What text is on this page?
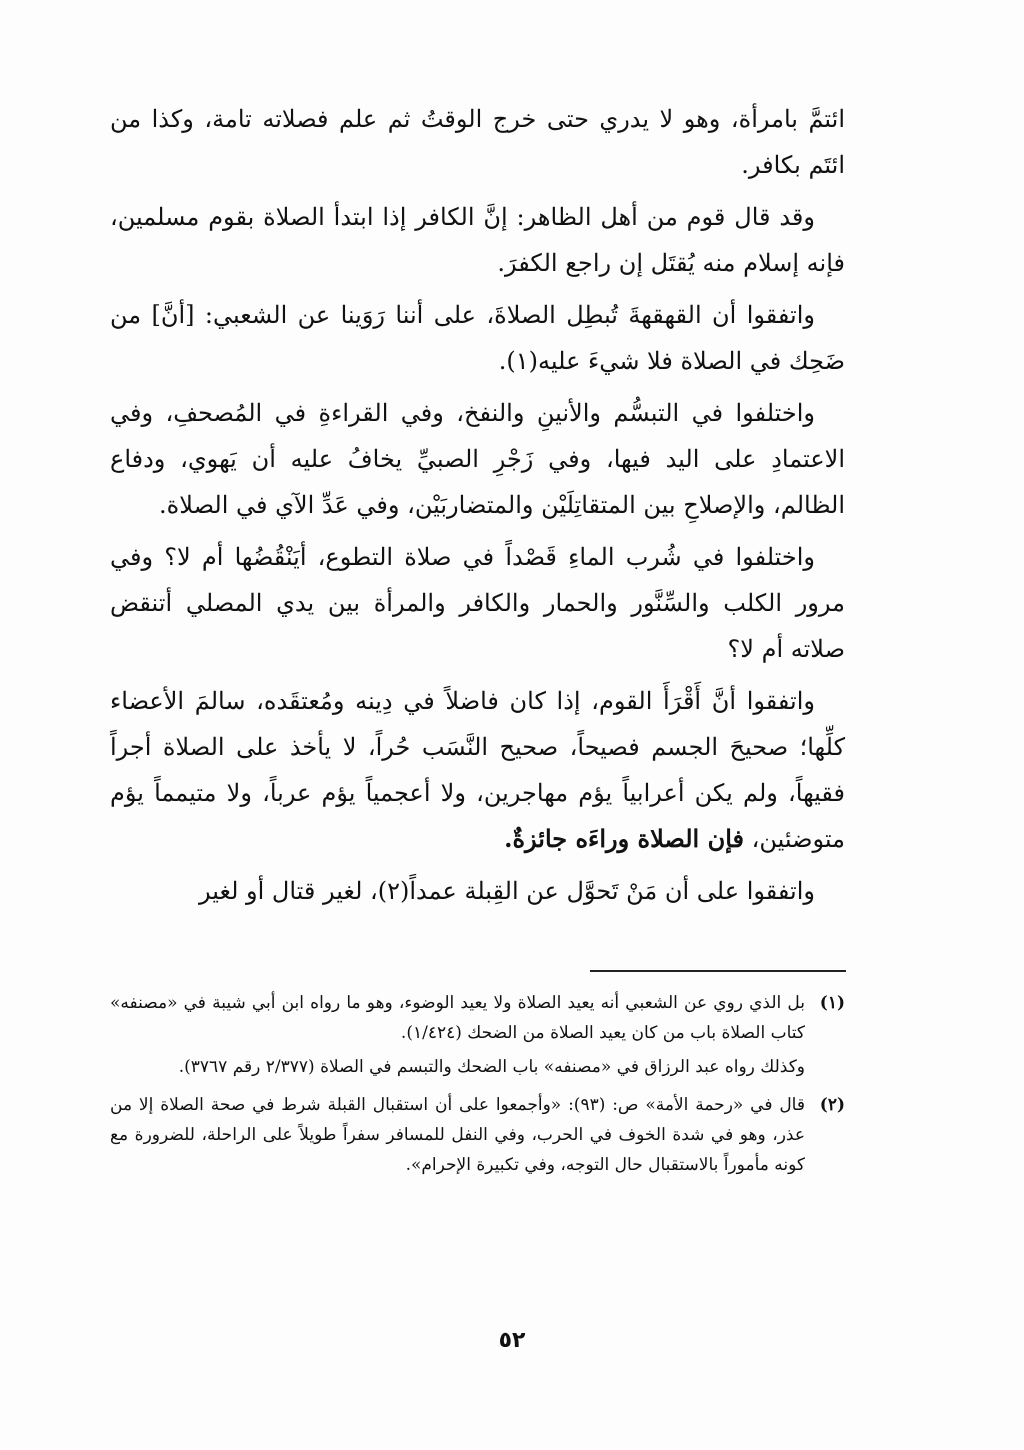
ائتمَّ بامرأة، وهو لا يدري حتى خرج الوقتُ ثم علم فصلاته تامة، وكذا من ائتَم بكافر.

وقد قال قوم من أهل الظاهر: إنَّ الكافر إذا ابتدأ الصلاة بقوم مسلمين، فإنه إسلام منه يُقتَل إن راجع الكفرَ.

واتفقوا أن القهقهةَ تُبطِل الصلاةَ، على أننا رَوَينا عن الشعبي: [أنَّ] من ضَحِك في الصلاة فلا شيءَ عليه(١).

واختلفوا في التبسُّم والأنينِ والنفخ، وفي القراءةِ في المُصحفِ، وفي الاعتمادِ على اليد فيها، وفي زَجْرِ الصبيِّ يخافُ عليه أن يَهوي، ودفاع الظالم، والإصلاحِ بين المتقاتِلَيْن والمتضاربَيْن، وفي عَدِّ الآي في الصلاة.

واختلفوا في شُرب الماءِ قَصْداً في صلاة التطوع، أيَنْقُضُها أم لا؟ وفي مرور الكلب والسِّنَّور والحمار والكافر والمرأة بين يدي المصلي أتنقض صلاته أم لا؟

واتفقوا أنَّ أَقْرَأَ القوم، إذا كان فاضلاً في دِينه ومُعتقَده، سالمَ الأعضاء كلِّها؛ صحيحَ الجسم فصيحاً، صحيح النَّسَب حُراً، لا يأخذ على الصلاة أجراً فقيهاً، ولم يكن أعرابياً يؤم مهاجرين، ولا أعجمياً يؤم عرباً، ولا متيمماً يؤم متوضئين، فإن الصلاة وراءَه جائزةٌ.

واتفقوا على أن مَنْ تَحوَّل عن القِبلة عمداً(٢)، لغير قتال أو لغير

(١)

بل الذي روي عن الشعبي أنه يعيد الصلاة ولا يعيد الوضوء، وهو ما رواه ابن أبي شيبة في «مصنفه» كتاب الصلاة باب من كان يعيد الصلاة من الضحك (١/٤٢٤).

وكذلك رواه عبد الرزاق في «مصنفه» باب الضحك والتبسم في الصلاة (٢/٣٧٧ رقم ٣٧٦٧).

(٢)

قال في «رحمة الأمة» ص: (٩٣): «وأجمعوا على أن استقبال القبلة شرط في صحة الصلاة إلا من عذر، وهو في شدة الخوف في الحرب، وفي النفل للمسافر سفراً طويلاً على الراحلة، للضرورة مع كونه مأموراً بالاستقبال حال التوجه، وفي تكبيرة الإحرام».

٥٢
